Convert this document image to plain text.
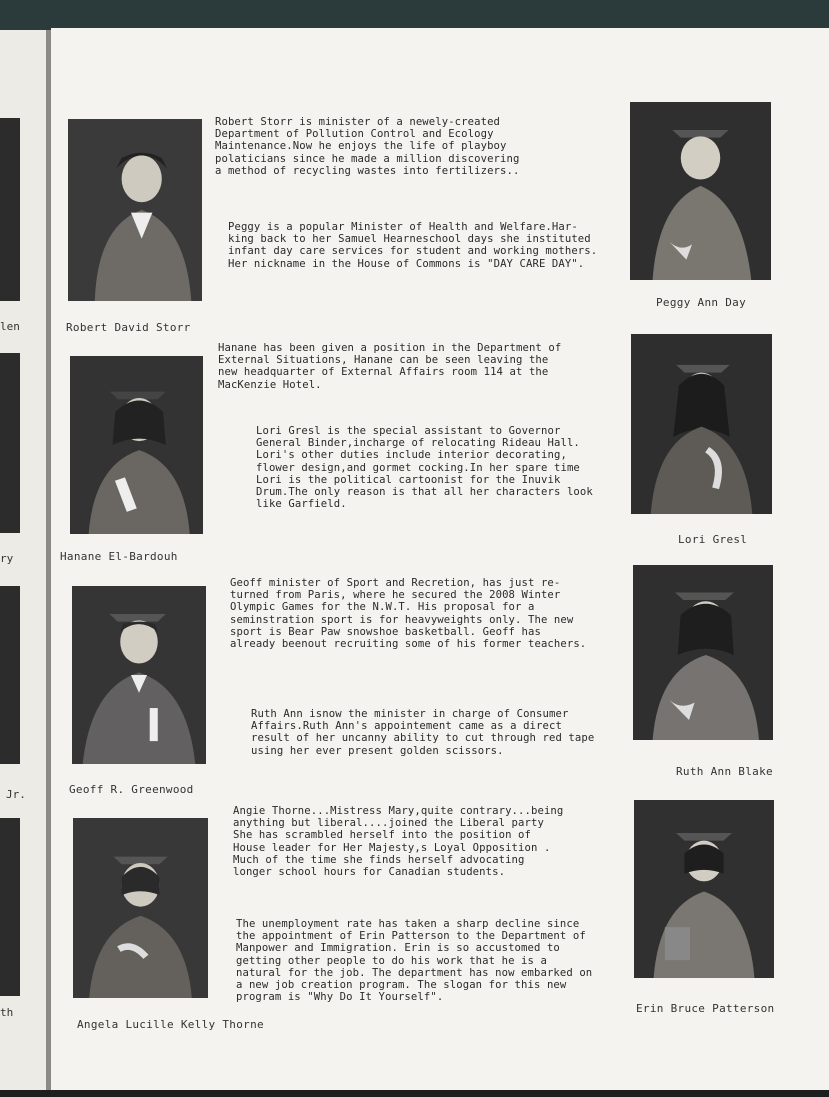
len
ry
Jr.
th
Robert David Storr
Robert Storr is minister of a newely-created
Department of Pollution Control and Ecology
Maintenance.Now he enjoys the life of playboy
polaticians since he made a million discovering
a method of recycling wastes into fertilizers..
Peggy is a popular Minister of Health and Welfare.Har-
king back to her Samuel Hearneschool days she instituted
infant day care services for student and working mothers.
Her nickname in the House of Commons is "DAY CARE DAY".
Peggy Ann Day
Hanane El-Bardouh
Hanane has been given a position in the Department of
External Situations, Hanane can be seen leaving the
new headquarter of External Affairs room 114 at the
MacKenzie Hotel.
Lori Gresl is the special assistant to Governor
General Binder,incharge of relocating Rideau Hall.
Lori's other duties include interior decorating,
flower design,and gormet cocking.In her spare time
Lori is the political cartoonist for the Inuvik
Drum.The only reason is that all her characters look
like Garfield.
Lori Gresl
Geoff R. Greenwood
Geoff minister of Sport and Recretion, has just re-
turned from Paris, where he secured the 2008 Winter
Olympic Games for the N.W.T. His proposal for a
seminstration sport is for heavyweights only. The new
sport is Bear Paw snowshoe basketball. Geoff has
already beenout recruiting some of his former teachers.
Ruth Ann isnow the minister in charge of Consumer
Affairs.Ruth Ann's appointement came as a direct
result of her uncanny ability to cut through red tape
using her ever present golden scissors.
Ruth Ann Blake
Angela Lucille Kelly Thorne
Angie Thorne...Mistress Mary,quite contrary...being
anything but liberal....joined the Liberal party
She has scrambled herself into the position of
House leader for Her Majesty,s Loyal Opposition .
Much of the time she finds herself advocating
longer school hours for Canadian students.
The unemployment rate has taken a sharp decline since
the appointment of Erin Patterson to the Department of
Manpower and Immigration. Erin is so accustomed to
getting other people to do his work that he is a
natural for the job. The department has now embarked on
a new job creation program. The slogan for this new
program is "Why Do It Yourself".
Erin Bruce Patterson
